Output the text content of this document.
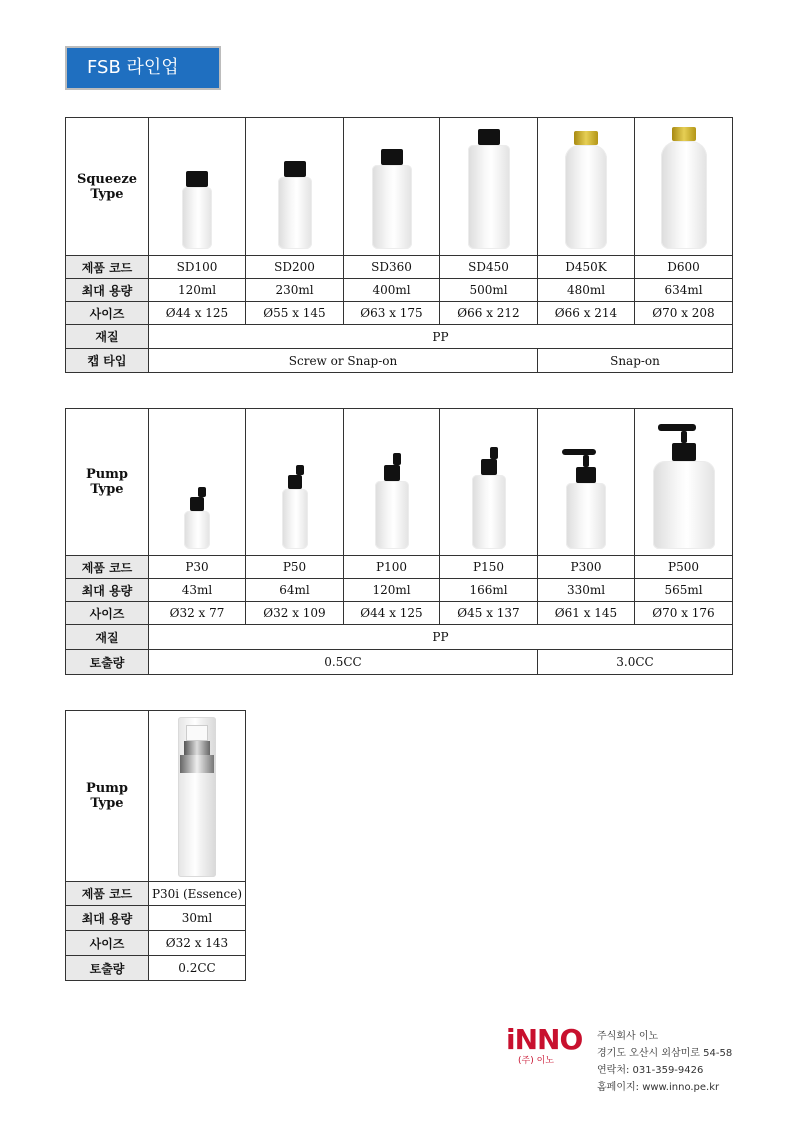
FSB 라인업
Squeeze
Type						

제품 코드	SD100	SD200	SD360	SD450	D450K	D600
최대 용량	120ml	230ml	400ml	500ml	480ml	634ml
사이즈	Ø44 x 125	Ø55 x 145	Ø63 x 175	Ø66 x 212	Ø66 x 214	Ø70 x 208
재질	PP					
캡 타입	Screw or Snap-on				Snap-on	
Pump
Type						

제품 코드	P30	P50	P100	P150	P300	P500
최대 용량	43ml	64ml	120ml	166ml	330ml	565ml
사이즈	Ø32 x 77	Ø32 x 109	Ø44 x 125	Ø45 x 137	Ø61 x 145	Ø70 x 176
재질	PP					
토출량	0.5CC				3.0CC	
Pump
Type	

제품 코드	P30i (Essence)
최대 용량	30ml
사이즈	Ø32 x 143
토출량	0.2CC
iNNO
(주) 이노
주식회사 이노
경기도 오산시 외삼미로 54-58
연락처: 031-359-9426
홈페이지: www.inno.pe.kr
